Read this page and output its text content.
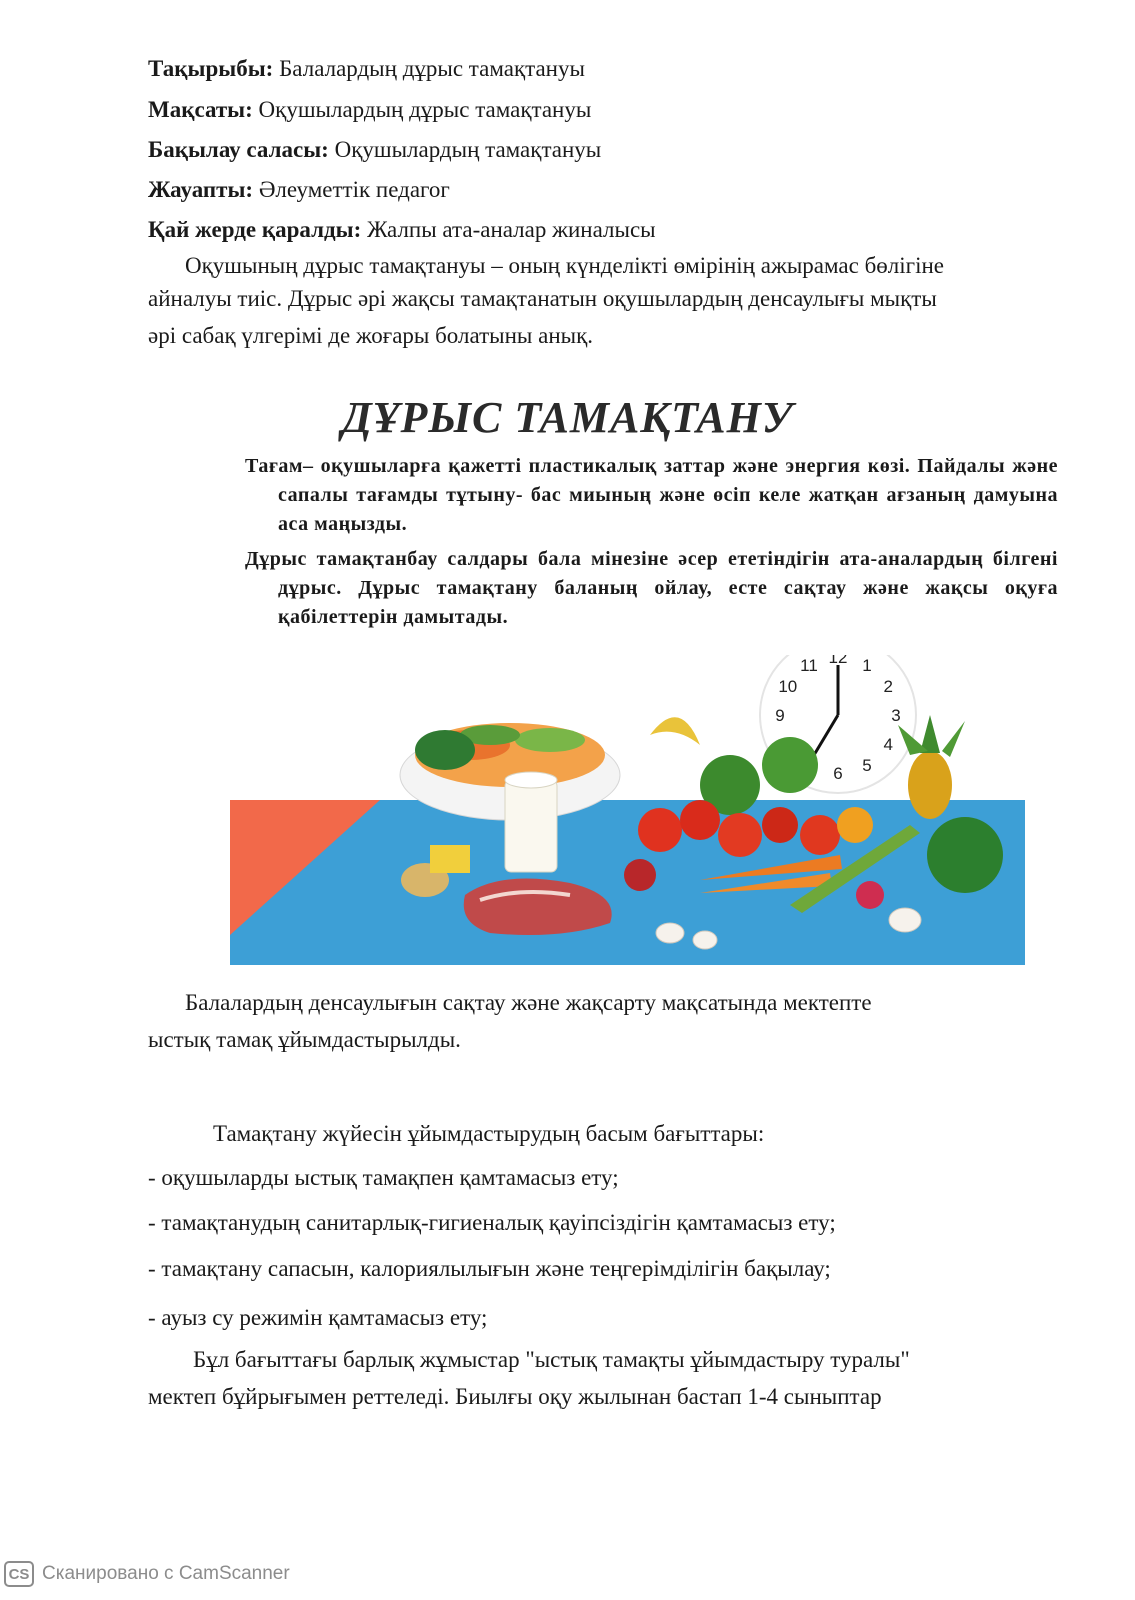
Тақырыбы: Балалардың дұрыс тамақтануы
Мақсаты: Оқушылардың дұрыс тамақтануы
Бақылау саласы: Оқушылардың тамақтануы
Жауапты: Әлеуметтік педагог
Қай жерде қаралды: Жалпы ата-аналар жиналысы
Оқушының дұрыс тамақтануы – оның күнделікті өмірінің ажырамас бөлігіне
айналуы тиіс. Дұрыс әрі жақсы тамақтанатын оқушылардың денсаулығы мықты
әрі сабақ үлгерімі де жоғары болатыны анық.
ДҰРЫС ТАМАҚТАНУ
Тағам– оқушыларға қажетті пластикалық заттар және энергия көзі. Пайдалы және сапалы тағамды тұтыну- бас миының және өсіп келе жатқан ағзаның дамуына аса маңызды.
Дұрыс тамақтанбау салдары бала мінезіне әсер ететіндігін ата-аналардың білгені дұрыс. Дұрыс тамақтану баланың ойлау, есте сақтау және жақсы оқуға қабілеттерін дамытады.
12 1
2
3
4
5
6
9
10
11
Балалардың денсаулығын сақтау және жақсарту мақсатында мектепте
ыстық тамақ ұйымдастырылды.
Тамақтану жүйесін ұйымдастырудың басым бағыттары:
- оқушыларды ыстық тамақпен қамтамасыз ету;
- тамақтанудың санитарлық-гигиеналық қауіпсіздігін қамтамасыз ету;
- тамақтану сапасын, калориялылығын және теңгерімділігін бақылау;
- ауыз су режимін қамтамасыз ету;
Бұл бағыттағы барлық жұмыстар "ыстық тамақты ұйымдастыру туралы"
мектеп бұйрығымен реттеледі. Биылғы оқу жылынан бастап 1-4 сыныптар
CS Сканировано с CamScanner
